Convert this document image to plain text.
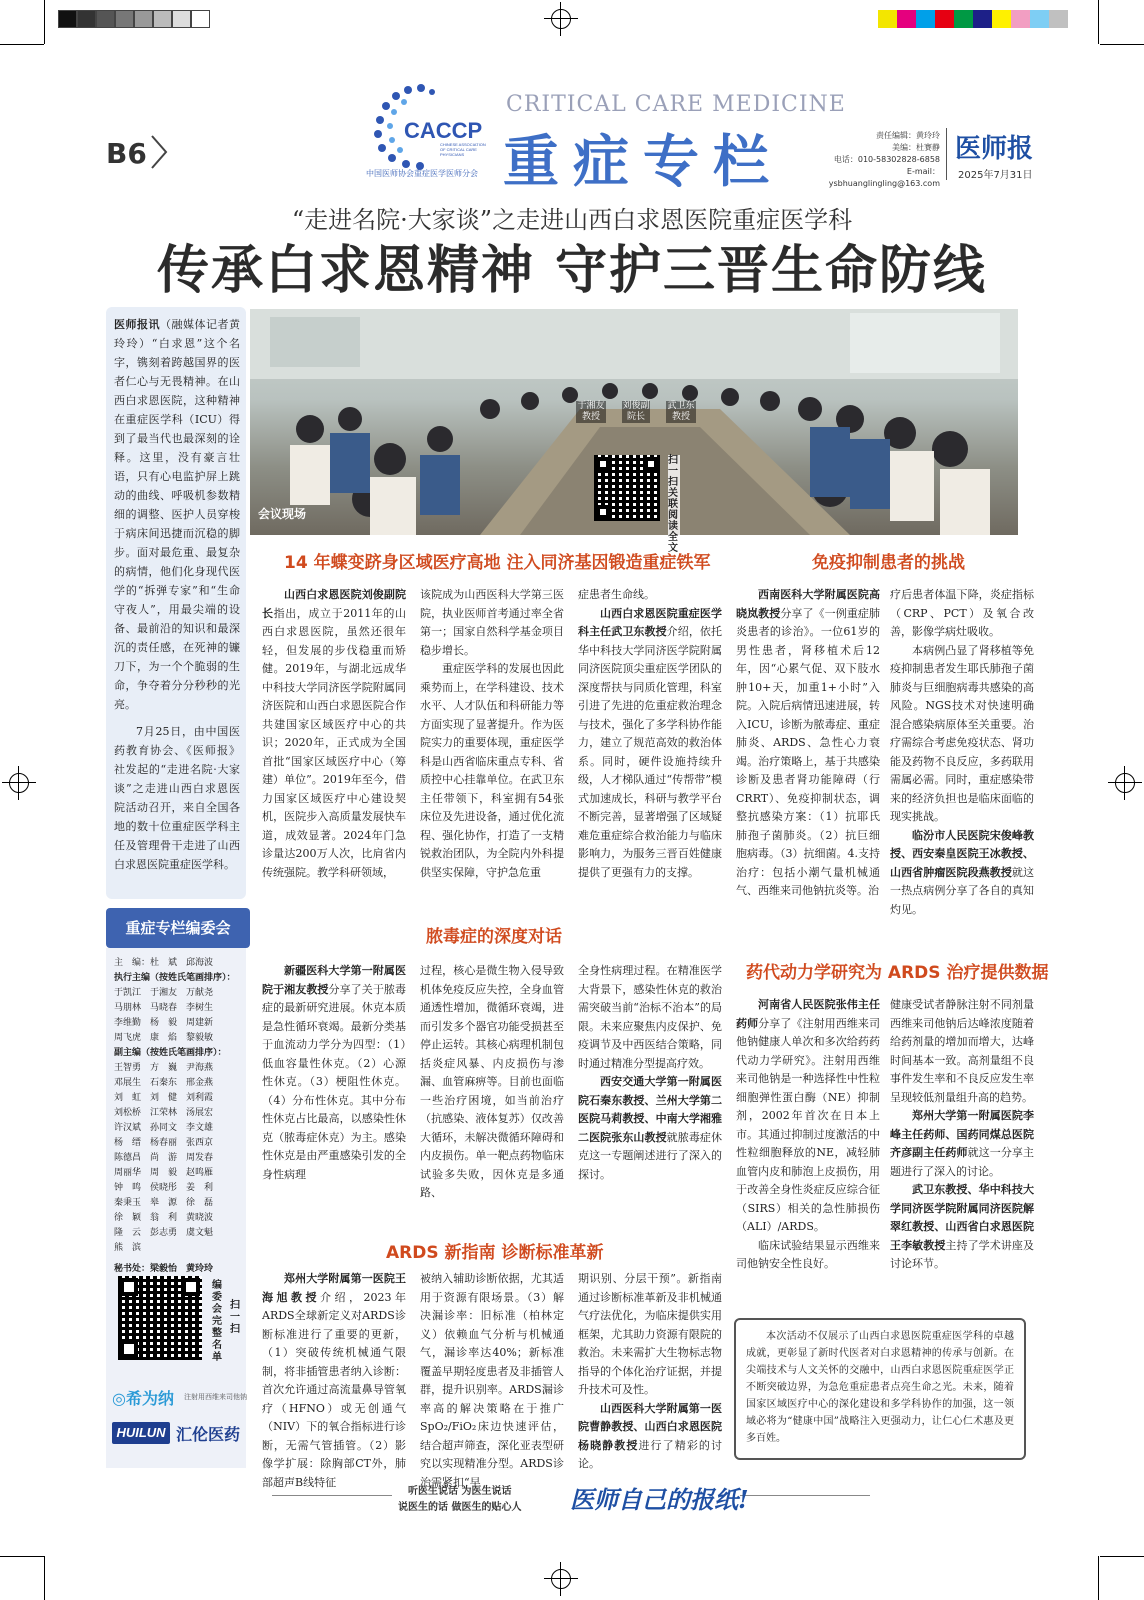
B6
CACCP
CHINESE ASSOCIATION
OF CRITICAL CARE
PHYSICIANS
中国医师协会重症医学医师分会
CRITICAL CARE MEDICINE
重症专栏	责任编辑：黄玲玲
美编：杜赛静
电话：010-58302828-6858
E-mail：ysbhuanglingling@163.com
医师报
2025年7月31日
“走进名院·大家谈”之走进山西白求恩医院重症医学科
传承白求恩精神 守护三晋生命防线

医师报讯（融媒体记者黄玲玲）“白求恩”这个名字，镌刻着跨越国界的医者仁心与无畏精神。在山西白求恩医院，这种精神在重症医学科（ICU）得到了最当代也最深刻的诠释。这里，没有豪言壮语，只有心电监护屏上跳动的曲线、呼吸机参数精细的调整、医护人员穿梭于病床间迅捷而沉稳的脚步。面对最危重、最复杂的病情，他们化身现代医学的“拆弹专家”和“生命守夜人”，用最尖端的设备、最前沿的知识和最深沉的责任感，在死神的镰刀下，为一个个脆弱的生命，争夺着分分秒秒的光亮。

7月25日，由中国医药教育协会、《医师报》社发起的“走进名院·大家谈”之走进山西白求恩医院活动召开，来自全国各地的数十位重症医学科主任及管理骨干走进了山西白求恩医院重症医学科。

重症专栏编委会
主　编：杜　斌　邱海波
执行主编（按姓氏笔画排序）：
于凯江　于湘友　万献尧
马朋林　马晓春　李树生
李维勤　杨　毅　周建新
周飞虎　康　焰　黎毅敏
副主编（按姓氏笔画排序）：
王智勇　方　巍　尹海燕
邓展生　石秦东　邢金燕
刘　虹　刘　健　刘利霞
刘松桥　江荣林　汤展宏
许汉斌　孙同文　李文雄
杨　缙　杨春丽　张西京
陈德昌　尚　游　周发春
周丽华　周　毅　赵鸣雁
钟　鸣　侯晓彤　姜　利
秦秉玉　皋　源　徐　磊
徐　颖　翁　利　黄晓波
隆　云　彭志勇　虞文魁
熊　滨
秘书处：梁毅怡　黄玲玲
编委会完整名单
扫一扫
◎希为纳 注射用西维来司他钠
HUILUN 汇伦医药
会议现场
于湘友教授
刘俊副院长
武卫东教授
扫一扫关联阅读全文
14 年蝶变跻身区域医疗高地 注入同济基因锻造重症铁军	免疫抑制患者的挑战
脓毒症的深度对话
药代动力学研究为 ARDS 治疗提供数据
ARDS 新指南 诊断标准革新
山西白求恩医院刘俊副院长指出，成立于2011年的山西白求恩医院，虽然还很年轻，但发展的步伐稳重而矫健。2019年，与湖北远成华中科技大学同济医学院附属同济医院和山西白求恩医院合作共建国家区域医疗中心的共识；2020年，正式成为全国首批“国家区域医疗中心（筹建）单位”。2019年至今，借力国家区域医疗中心建设契机，医院步入高质量发展快车道，成效显著。2024年门急诊量达200万人次，比肩省内传统强院。教学科研领域，
该院成为山西医科大学第三医院，执业医师首考通过率全省第一；国家自然科学基金项目稳步增长。
重症医学科的发展也因此乘势而上，在学科建设、技术水平、人才队伍和科研能力等方面实现了显著提升。作为医院实力的重要体现，重症医学科是山西省临床重点专科、省质控中心挂靠单位。在武卫东主任带领下，科室拥有54张床位及先进设备，通过优化流程、强化协作，打造了一支精锐救治团队，为全院内外科提供坚实保障，守护急危重
症患者生命线。
山西白求恩医院重症医学科主任武卫东教授介绍，依托华中科技大学同济医学院附属同济医院顶尖重症医学团队的深度帮扶与同质化管理，科室引进了先进的危重症救治理念与技术，强化了多学科协作能力，建立了规范高效的救治体系。同时，硬件设施持续升级，人才梯队通过“传帮带”模式加速成长，科研与教学平台不断完善，显著增强了区域疑难危重症综合救治能力与临床影响力，为服务三晋百姓健康提供了更强有力的支撑。
西南医科大学附属医院高晓岚教授分享了《一例重症肺炎患者的诊治》。一位61岁的男性患者，肾移植术后12年，因“心累气促、双下肢水肿10+天，加重1+小时”入院。入院后病情迅速进展，转入ICU，诊断为脓毒症、重症肺炎、ARDS、急性心力衰竭。治疗策略上，基于共感染诊断及患者肾功能障碍（行CRRT）、免疫抑制状态，调整抗感染方案：（1）抗耶氏肺孢子菌肺炎。（2）抗巨细胞病毒。（3）抗细菌。4.支持治疗：包括小潮气量机械通气、西维来司他钠抗炎等。治
疗后患者体温下降，炎症指标（CRP、PCT）及氧合改善，影像学病灶吸收。
本病例凸显了肾移植等免疫抑制患者发生耶氏肺孢子菌肺炎与巨细胞病毒共感染的高风险。NGS技术对快速明确混合感染病原体至关重要。治疗需综合考虑免疫状态、肾功能及药物不良反应，多药联用需属必需。同时，重症感染带来的经济负担也是临床面临的现实挑战。
临汾市人民医院宋俊峰教授、西安秦皇医院王冰教授、山西省肿瘤医院段燕教授就这一热点病例分享了各自的真知灼见。
新疆医科大学第一附属医院于湘友教授分享了关于脓毒症的最新研究进展。休克本质是急性循环衰竭。最新分类基于血流动力学分为四型：（1）低血容量性休克。（2）心源性休克。（3）梗阻性休克。（4）分布性休克。其中分布性休克占比最高，以感染性休克（脓毒症休克）为主。感染性休克是由严重感染引发的全身性病理
过程，核心是微生物入侵导致机体免疫反应失控，全身血管通透性增加，微循环衰竭，进而引发多个器官功能受损甚至停止运转。其核心病理机制包括炎症风暴、内皮损伤与渗漏、血管麻痹等。目前也面临一些治疗困境，如当前治疗（抗感染、液体复苏）仅改善大循环，未解决微循环障碍和内皮损伤。单一靶点药物临床试验多失败，因休克是多通路、
全身性病理过程。在精准医学大背景下，感染性休克的救治需突破当前“治标不治本”的局限。未来应聚焦内皮保护、免疫调节及中西医结合策略，同时通过精准分型提高疗效。
西安交通大学第一附属医院石秦东教授、兰州大学第二医院马莉教授、中南大学湘雅二医院张东山教授就脓毒症休克这一专题阐述进行了深入的探讨。
河南省人民医院张伟主任药师分享了《注射用西维来司他钠健康人单次和多次给药药代动力学研究》。注射用西维来司他钠是一种选择性中性粒细胞弹性蛋白酶（NE）抑制剂，2002年首次在日本上市。其通过抑制过度激活的中性粒细胞释放的NE，减轻肺血管内皮和肺泡上皮损伤，用于改善全身性炎症反应综合征（SIRS）相关的急性肺损伤（ALI）/ARDS。
临床试验结果显示西维来司他钠安全性良好。
健康受试者静脉注射不同剂量西维来司他钠后达峰浓度随着给药剂量的增加而增大，达峰时间基本一致。高剂量组不良事件发生率和不良反应发生率呈现较低剂量组升高的趋势。
郑州大学第一附属医院李峰主任药师、国药同煤总医院齐彦副主任药师就这一分享主题进行了深入的讨论。
武卫东教授、华中科技大学同济医学院附属同济医院解翠红教授、山西省白求恩医院王李敏教授主持了学术讲座及讨论环节。
郑州大学附属第一医院王海旭教授介绍，2023年ARDS全球新定义对ARDS诊断标准进行了重要的更新，（1）突破传统机械通气限制，将非插管患者纳入诊断：首次允许通过高流量鼻导管氧疗（HFNO）或无创通气（NIV）下的氧合指标进行诊断，无需气管插管。（2）影像学扩展：除胸部CT外，肺部超声B线特征
被纳入辅助诊断依据，尤其适用于资源有限场景。（3）解决漏诊率：旧标准（柏林定义）依赖血气分析与机械通气，漏诊率达40%；新标准覆盖早期轻度患者及非插管人群，提升识别率。ARDS漏诊率高的解决策略在于推广SpO₂/FiO₂床边快速评估，结合超声筛查，深化亚表型研究以实现精准分型。ARDS诊治需紧扣“早
期识别、分层干预”。新指南通过诊断标准革新及非机械通气疗法优化，为临床提供实用框架，尤其助力资源有限院的救治。未来需扩大生物标志物指导的个体化治疗证据，并提升技术可及性。
山西医科大学附属第一医院曹静教授、山西白求恩医院杨晓静教授进行了精彩的讨论。
本次活动不仅展示了山西白求恩医院重症医学科的卓越成就，更彰显了新时代医者对白求恩精神的传承与创新。在尖端技术与人文关怀的交融中，山西白求恩医院重症医学正不断突破边界，为急危重症患者点亮生命之光。未来，随着国家区域医疗中心的深化建设和多学科协作的加强，这一领域必将为“健康中国”战略注入更强动力，让仁心仁术惠及更多百姓。
听医生说话 为医生说话
说医生的话 做医生的贴心人 医师自己的报纸!
